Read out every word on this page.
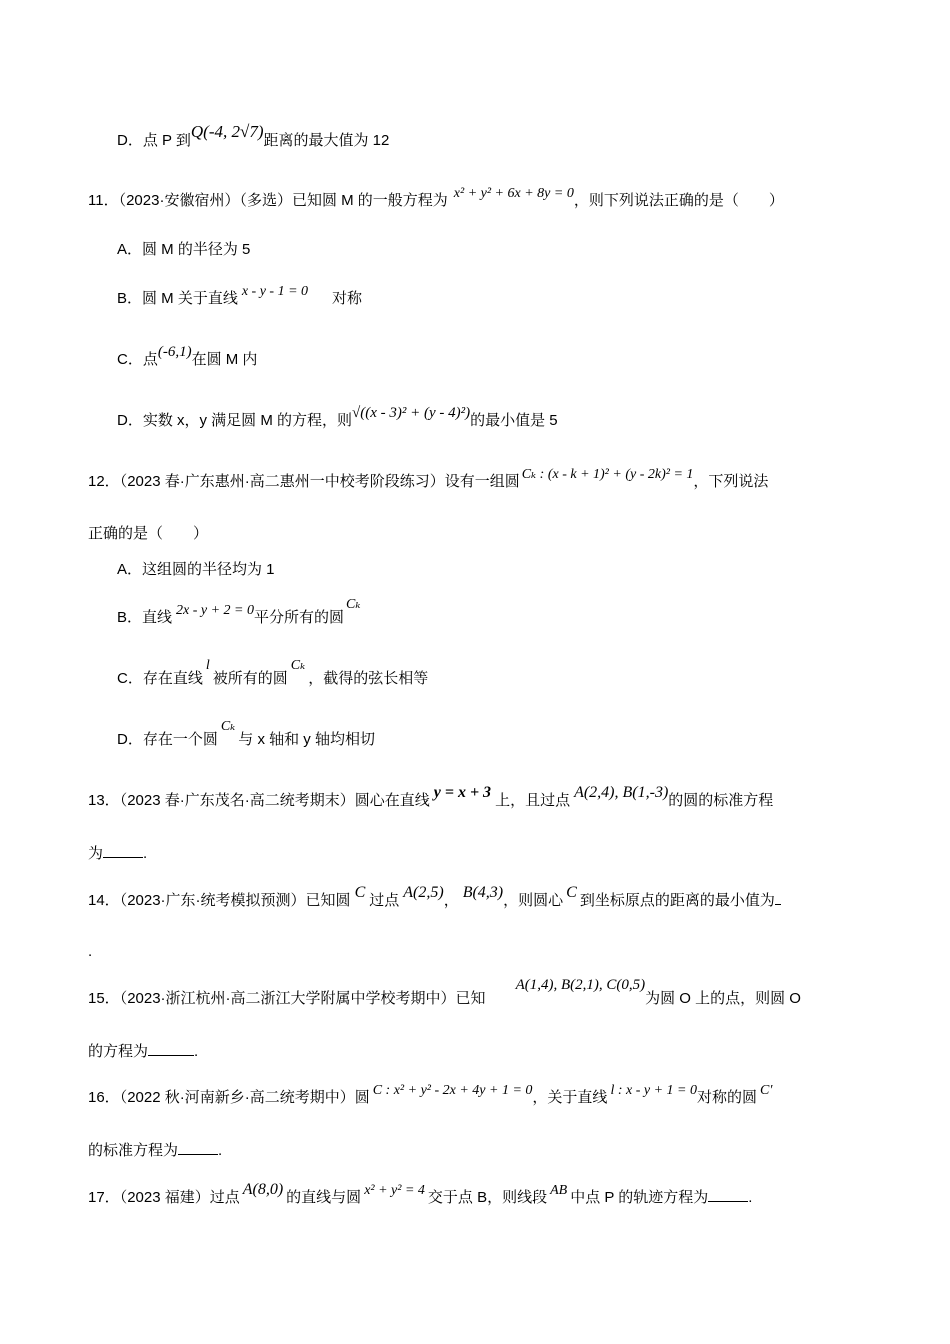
D．点 P 到Q(-4, 2√7)距离的最大值为 12
11．（2023·安徽宿州）（多选）已知圆 M 的一般方程为 x² + y² + 6x + 8y = 0，则下列说法正确的是（　　）
A．圆 M 的半径为 5
B．圆 M 关于直线 x - y - 1 = 0 对称
C．点(-6,1)在圆 M 内
D．实数 x，y 满足圆 M 的方程，则√((x - 3)² + (y - 4)²)的最小值是 5
12．（2023 春·广东惠州·高二惠州一中校考阶段练习）设有一组圆 Cₖ : (x - k + 1)² + (y - 2k)² = 1，下列说法
正确的是（　　）
A．这组圆的半径均为 1
B．直线 2x - y + 2 = 0平分所有的圆Cₖ
C．存在直线l被所有的圆Cₖ，截得的弦长相等
D．存在一个圆Cₖ与 x 轴和 y 轴均相切
13．（2023 春·广东茂名·高二统考期末）圆心在直线 y = x + 3 上，且过点 A(2,4), B(1,-3)的圆的标准方程
为	.
14．（2023·广东·统考模拟预测）已知圆 C 过点 A(2,5)， B(4,3)，则圆心 C 到坐标原点的距离的最小值为
.
15．（2023·浙江杭州·高二浙江大学附属中学校考期中）已知A(1,4), B(2,1), C(0,5)为圆 O 上的点，则圆 O
的方程为	.
16．（2022 秋·河南新乡·高二统考期中）圆 C : x² + y² - 2x + 4y + 1 = 0，关于直线 l : x - y + 1 = 0对称的圆 C′
的标准方程为	.
17．（2023 福建）过点 A(8,0) 的直线与圆 x² + y² = 4 交于点 B，则线段 AB 中点 P 的轨迹方程为	.
